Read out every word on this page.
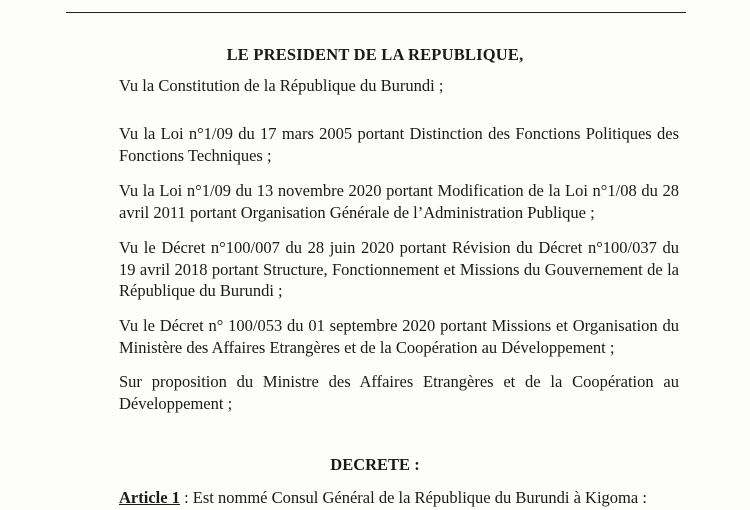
LE PRESIDENT DE LA REPUBLIQUE,
Vu la Constitution de la République du Burundi ;
Vu la Loi n°1/09 du 17 mars 2005 portant Distinction des Fonctions Politiques des Fonctions Techniques ;
Vu la Loi n°1/09 du 13 novembre 2020 portant Modification de la Loi n°1/08 du 28 avril 2011 portant Organisation Générale de l’Administration Publique ;
Vu le Décret n°100/007 du 28 juin 2020 portant Révision du Décret n°100/037 du 19 avril 2018 portant Structure, Fonctionnement et Missions du Gouvernement de la République du Burundi ;
Vu le Décret n° 100/053 du 01 septembre 2020 portant Missions et Organisation du Ministère des Affaires Etrangères et de la Coopération au Développement ;
Sur proposition du Ministre des Affaires Etrangères et de la Coopération au Développement ;
DECRETE :
Article 1 : Est nommé Consul Général de la République du Burundi à Kigoma :
